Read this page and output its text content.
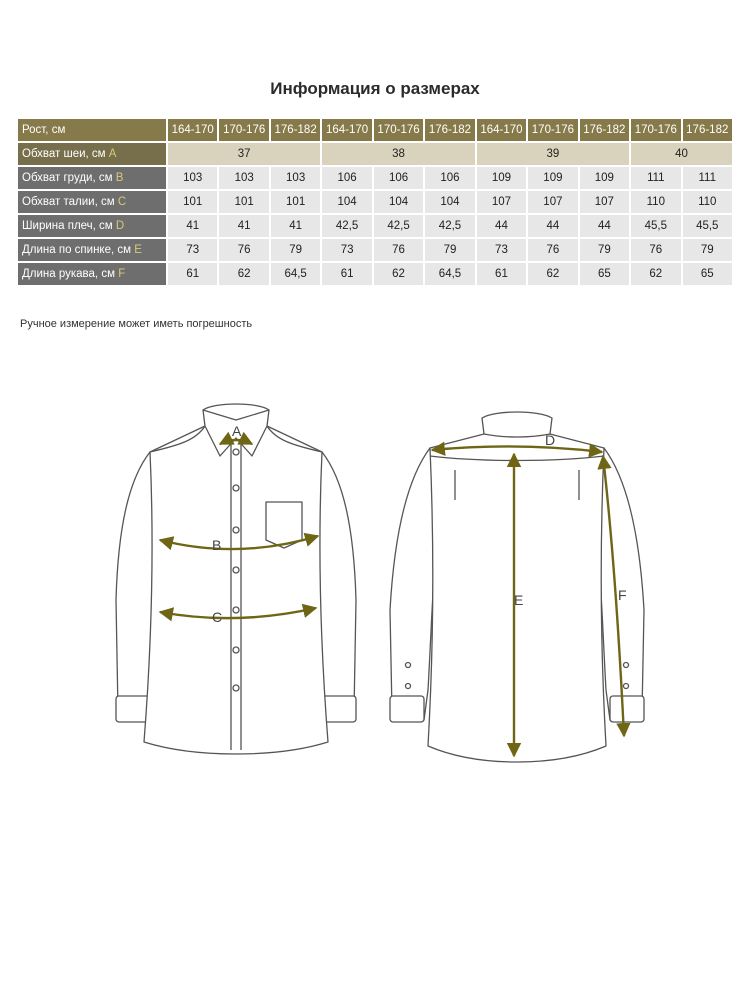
Информация о размерах
Рост, см	164-170	170-176	176-182	164-170	170-176	176-182	164-170	170-176	176-182	170-176	176-182
Обхват шеи, см A	37			38			39			40	
Обхват груди, см B	103	103	103	106	106	106	109	109	109	111	111
Обхват талии, см C	101	101	101	104	104	104	107	107	107	110	110
Ширина плеч, см D	41	41	41	42,5	42,5	42,5	44	44	44	45,5	45,5
Длина по спинке, см E	73	76	79	73	76	79	73	76	79	76	79
Длина рукава, см F	61	62	64,5	61	62	64,5	61	62	65	62	65
Ручное измерение может иметь погрешность
A
B
C
D
E	F
